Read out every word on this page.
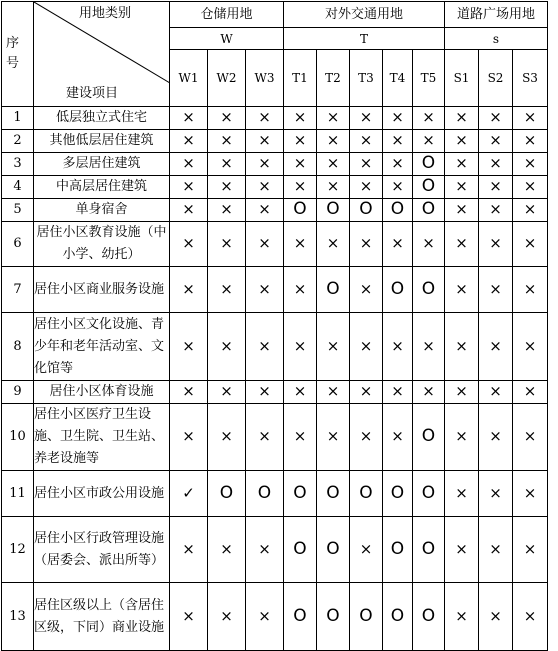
序
号	用地类别
建设项目	仓储用地			对外交通用地					道路广场用地		
		W			T					s		
		W1	W2	W3	T1	T2	T3	T4	T5	S1	S2	S3
1	低层独立式住宅	×	×	×	×	×	×	×	×	×	×	×
2	其他低层居住建筑	×	×	×	×	×	×	×	×	×	×	×
3	多层居住建筑	×	×	×	×	×	×	×	O	×	×	×
4	中高层居住建筑	×	×	×	×	×	×	×	O	×	×	×
5	单身宿舍	×	×	×	O	O	O	O	O	×	×	×
6	居住小区教育设施（中小学、幼托）	×	×	×	×	×	×	×	×	×	×	×
7	居住小区商业服务设施	×	×	×	×	O	×	O	O	×	×	×
8	居住小区文化设施、青少年和老年活动室、文化馆等	×	×	×	×	×	×	×	×	×	×	×
9	居住小区体育设施	×	×	×	×	×	×	×	×	×	×	×
10	居住小区医疗卫生设施、卫生院、卫生站、养老设施等	×	×	×	×	×	×	×	O	×	×	×
11	居住小区市政公用设施	✓	O	O	O	O	O	O	O	×	×	×
12	居住小区行政管理设施（居委会、派出所等）	×	×	×	O	O	×	O	O	×	×	×
13	居住区级以上（含居住区级，下同）商业设施	×	×	×	O	O	O	O	O	×	×	×
